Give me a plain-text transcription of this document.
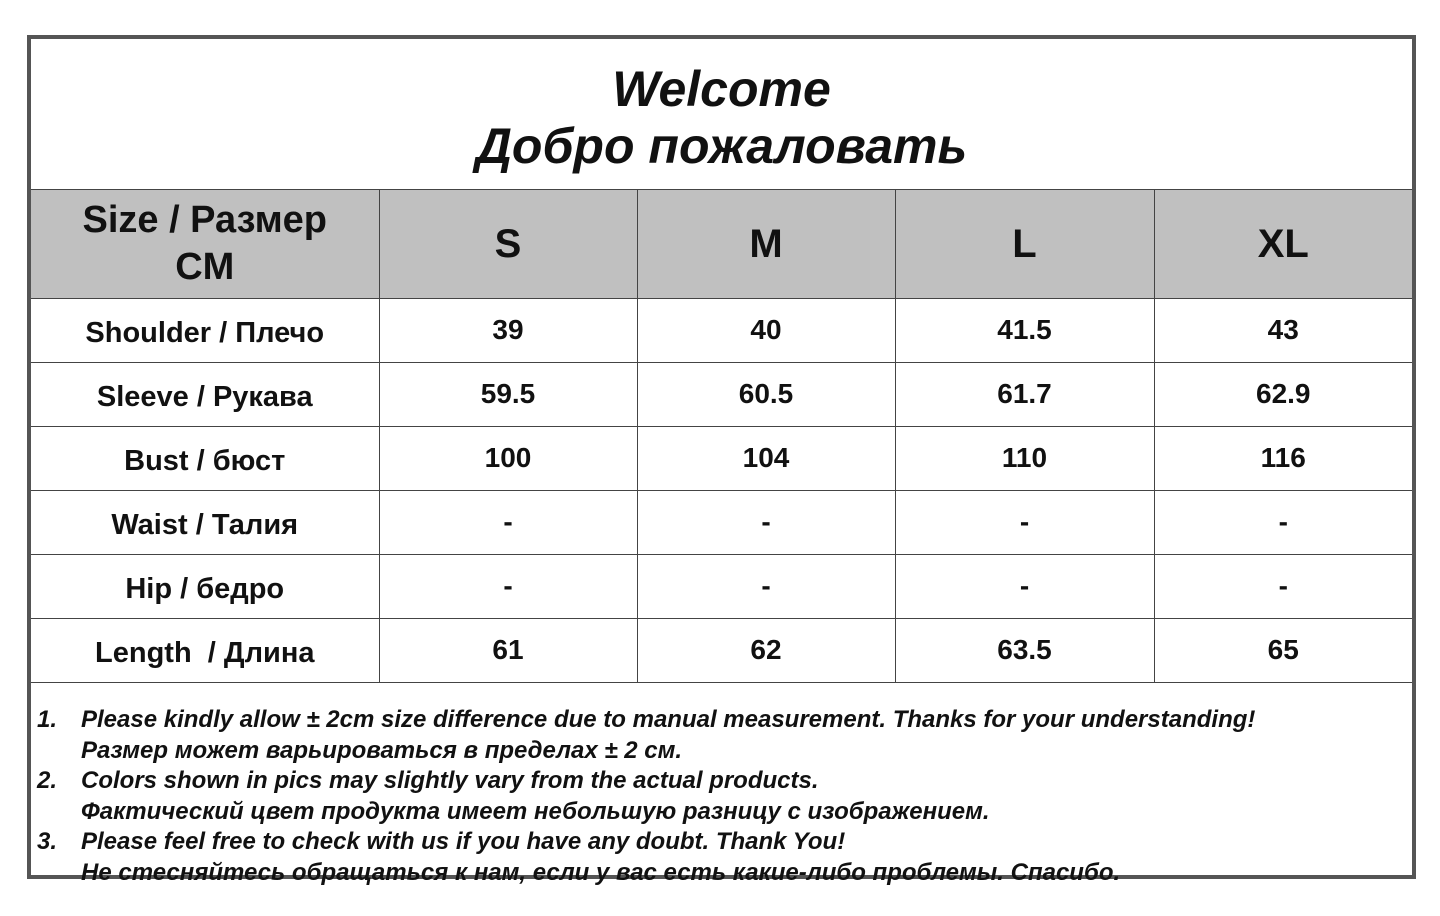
Welcome
Добро пожаловать
Size / Размер
CM	S	M	L	XL
Shoulder / Плечо	39	40	41.5	43
Sleeve / Рукава	59.5	60.5	61.7	62.9
Bust / бюст	100	104	110	116
Waist / Талия	-	-	-	-
Hip / бедро	-	-	-	-
Length  / Длина	61	62	63.5	65
1. Please kindly allow ± 2cm size difference due to manual measurement. Thanks for your understanding!
Размер может варьироваться в пределах ± 2 см.
2. Colors shown in pics may slightly vary from the actual products.
Фактический цвет продукта имеет небольшую разницу с изображением.
3. Please feel free to check with us if you have any doubt. Thank You!
Не стесняйтесь обращаться к нам, если у вас есть какие-либо проблемы. Спасибо.
